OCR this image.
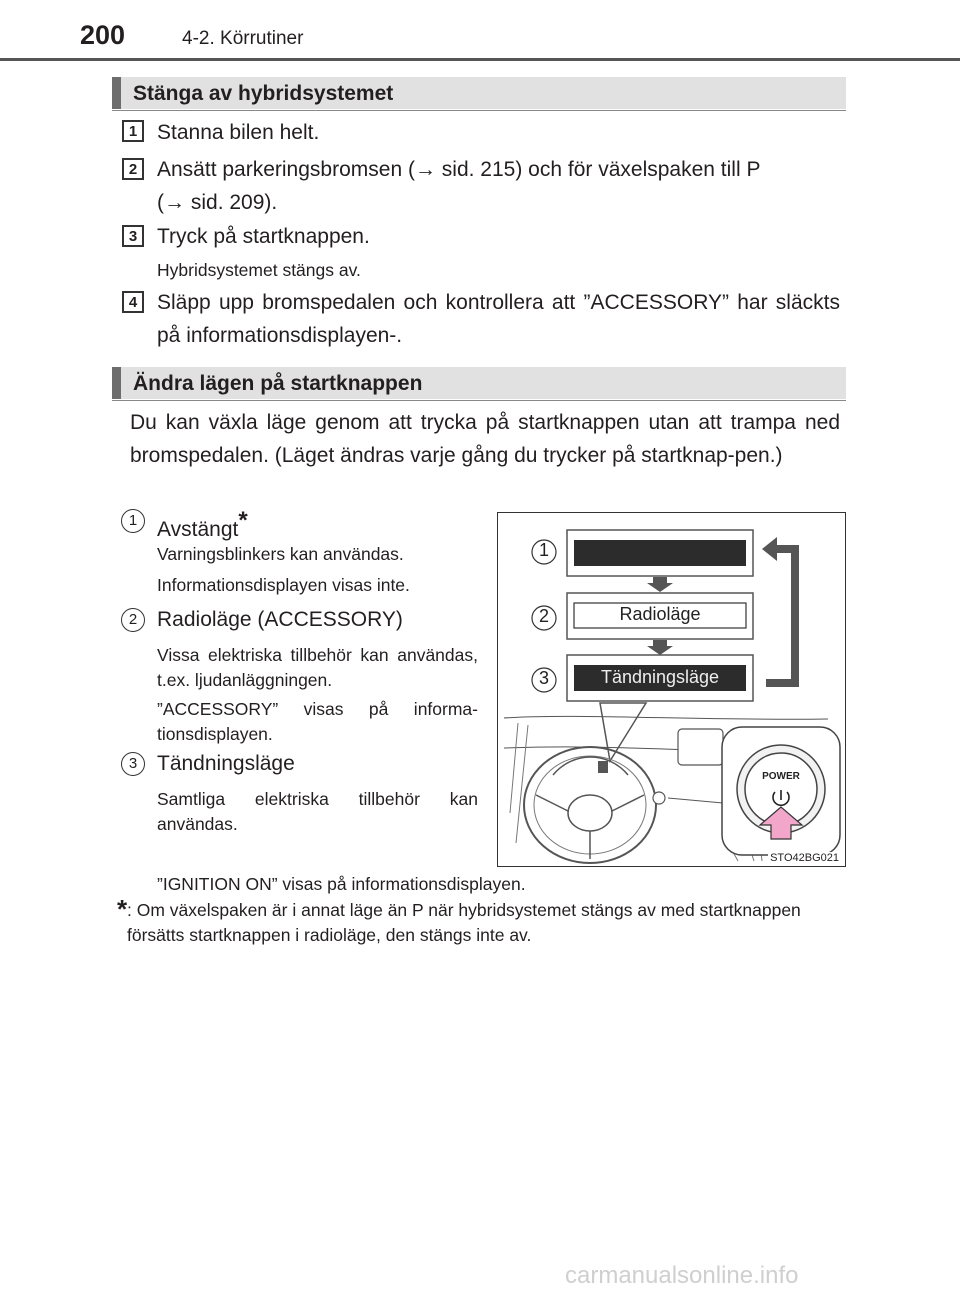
200	4-2. Körrutiner
Stänga av hybridsystemet
1 Stanna bilen helt.
2 Ansätt parkeringsbromsen (→ sid. 215) och för växelspaken till P
(→ sid. 209).
3 Tryck på startknappen.
Hybridsystemet stängs av.
4 Släpp upp bromspedalen och kontrollera att ”ACCESSORY” har släckts på informationsdisplayen-.
Ändra lägen på startknappen
Du kan växla läge genom att trycka på startknappen utan att trampa ned bromspedalen. (Läget ändras varje gång du trycker på startknap-pen.)
1 Avstängt*
Varningsblinkers kan användas.
Informationsdisplayen visas inte.
2 Radioläge (ACCESSORY)
Vissa elektriska tillbehör kan användas, t.ex. ljudanläggningen.
”ACCESSORY” visas på informa-tionsdisplayen.
3 Tändningsläge
Samtliga elektriska tillbehör kan användas.
”IGNITION ON” visas på informationsdisplayen.
1
2
3
Radioläge
Tändningsläge
POWER
STO42BG021
* : Om växelspaken är i annat läge än P när hybridsystemet stängs av med startknappen försätts startknappen i radioläge, den stängs inte av.
carmanualsonline.info
